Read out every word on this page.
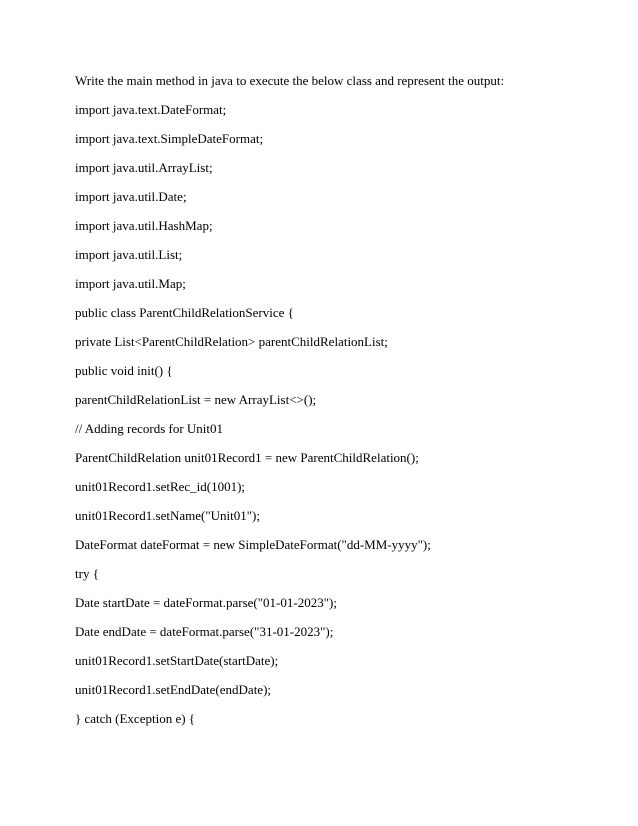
Write the main method in java to execute the below class and represent the output:

import java.text.DateFormat;

import java.text.SimpleDateFormat;

import java.util.ArrayList;

import java.util.Date;

import java.util.HashMap;

import java.util.List;

import java.util.Map;

public class ParentChildRelationService {

private List<ParentChildRelation> parentChildRelationList;

public void init() {

parentChildRelationList = new ArrayList<>();

// Adding records for Unit01

ParentChildRelation unit01Record1 = new ParentChildRelation();

unit01Record1.setRec_id(1001);

unit01Record1.setName("Unit01");

DateFormat dateFormat = new SimpleDateFormat("dd-MM-yyyy");

try {

Date startDate = dateFormat.parse("01-01-2023");

Date endDate = dateFormat.parse("31-01-2023");

unit01Record1.setStartDate(startDate);

unit01Record1.setEndDate(endDate);

} catch (Exception e) {
